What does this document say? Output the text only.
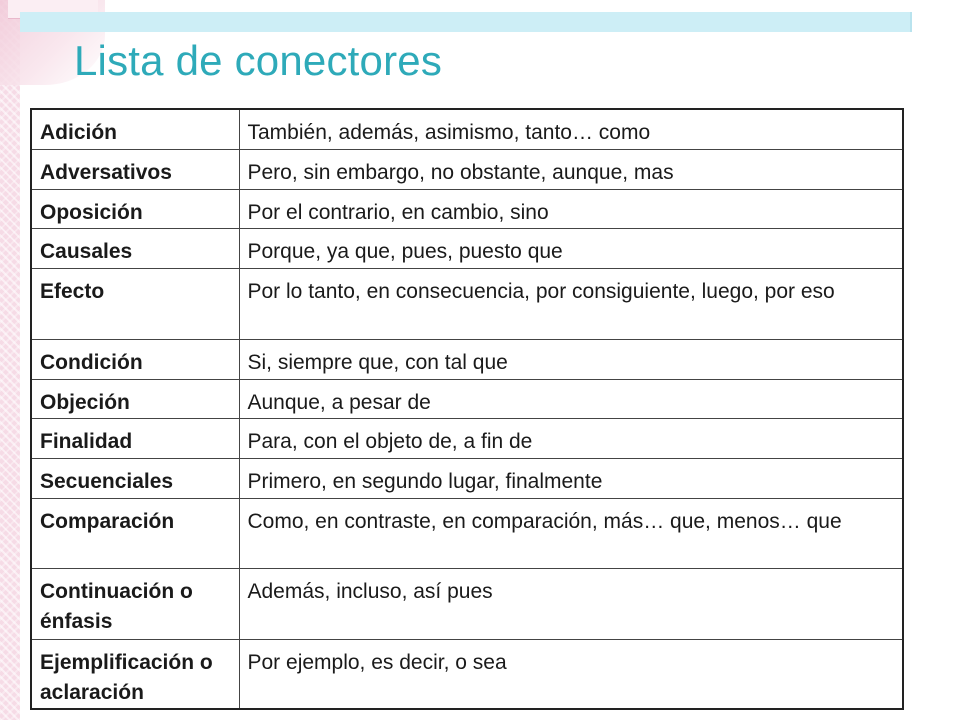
Lista de conectores
Adición	También, además, asimismo, tanto… como
Adversativos	Pero, sin embargo, no obstante, aunque, mas
Oposición	Por el contrario, en cambio, sino
Causales	Porque, ya que, pues, puesto que
Efecto	Por lo tanto, en consecuencia, por consiguiente, luego, por eso
Condición	Si, siempre que, con tal que
Objeción	Aunque, a pesar de
Finalidad	Para, con el objeto de, a fin de
Secuenciales	Primero, en segundo lugar, finalmente
Comparación	Como, en contraste, en comparación, más… que, menos… que
Continuación o énfasis	Además, incluso, así pues
Ejemplificación o aclaración	Por ejemplo, es decir, o sea
